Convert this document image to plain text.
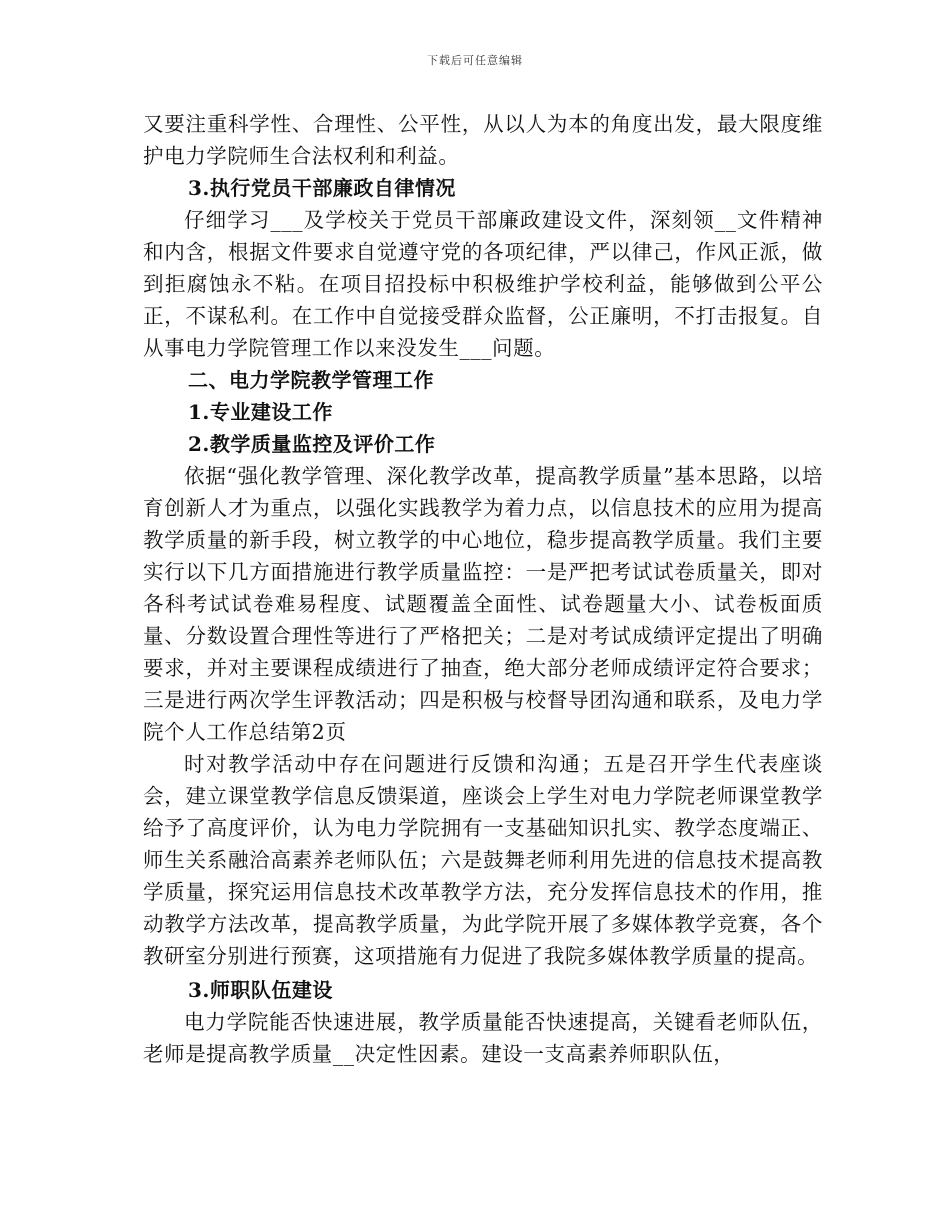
下载后可任意编辑

又要注重科学性、合理性、公平性，从以人为本的角度出发，最大限度维护电力学院师生合法权利和利益。

3.执行党员干部廉政自律情况

仔细学习___及学校关于党员干部廉政建设文件，深刻领__文件精神和内含，根据文件要求自觉遵守党的各项纪律，严以律己，作风正派，做到拒腐蚀永不粘。在项目招投标中积极维护学校利益，能够做到公平公正，不谋私利。在工作中自觉接受群众监督，公正廉明，不打击报复。自从事电力学院管理工作以来没发生___问题。

二、电力学院教学管理工作

1.专业建设工作

2.教学质量监控及评价工作

依据“强化教学管理、深化教学改革，提高教学质量”基本思路，以培育创新人才为重点，以强化实践教学为着力点，以信息技术的应用为提高教学质量的新手段，树立教学的中心地位，稳步提高教学质量。我们主要实行以下几方面措施进行教学质量监控：一是严把考试试卷质量关，即对各科考试试卷难易程度、试题覆盖全面性、试卷题量大小、试卷板面质量、分数设置合理性等进行了严格把关；二是对考试成绩评定提出了明确要求，并对主要课程成绩进行了抽查，绝大部分老师成绩评定符合要求；三是进行两次学生评教活动；四是积极与校督导团沟通和联系，及电力学院个人工作总结第2页

时对教学活动中存在问题进行反馈和沟通；五是召开学生代表座谈会，建立课堂教学信息反馈渠道，座谈会上学生对电力学院老师课堂教学给予了高度评价，认为电力学院拥有一支基础知识扎实、教学态度端正、师生关系融洽高素养老师队伍；六是鼓舞老师利用先进的信息技术提高教学质量，探究运用信息技术改革教学方法，充分发挥信息技术的作用，推动教学方法改革，提高教学质量，为此学院开展了多媒体教学竞赛，各个教研室分别进行预赛，这项措施有力促进了我院多媒体教学质量的提高。

3.师职队伍建设

电力学院能否快速进展，教学质量能否快速提高，关键看老师队伍，老师是提高教学质量__决定性因素。建设一支高素养师职队伍，
